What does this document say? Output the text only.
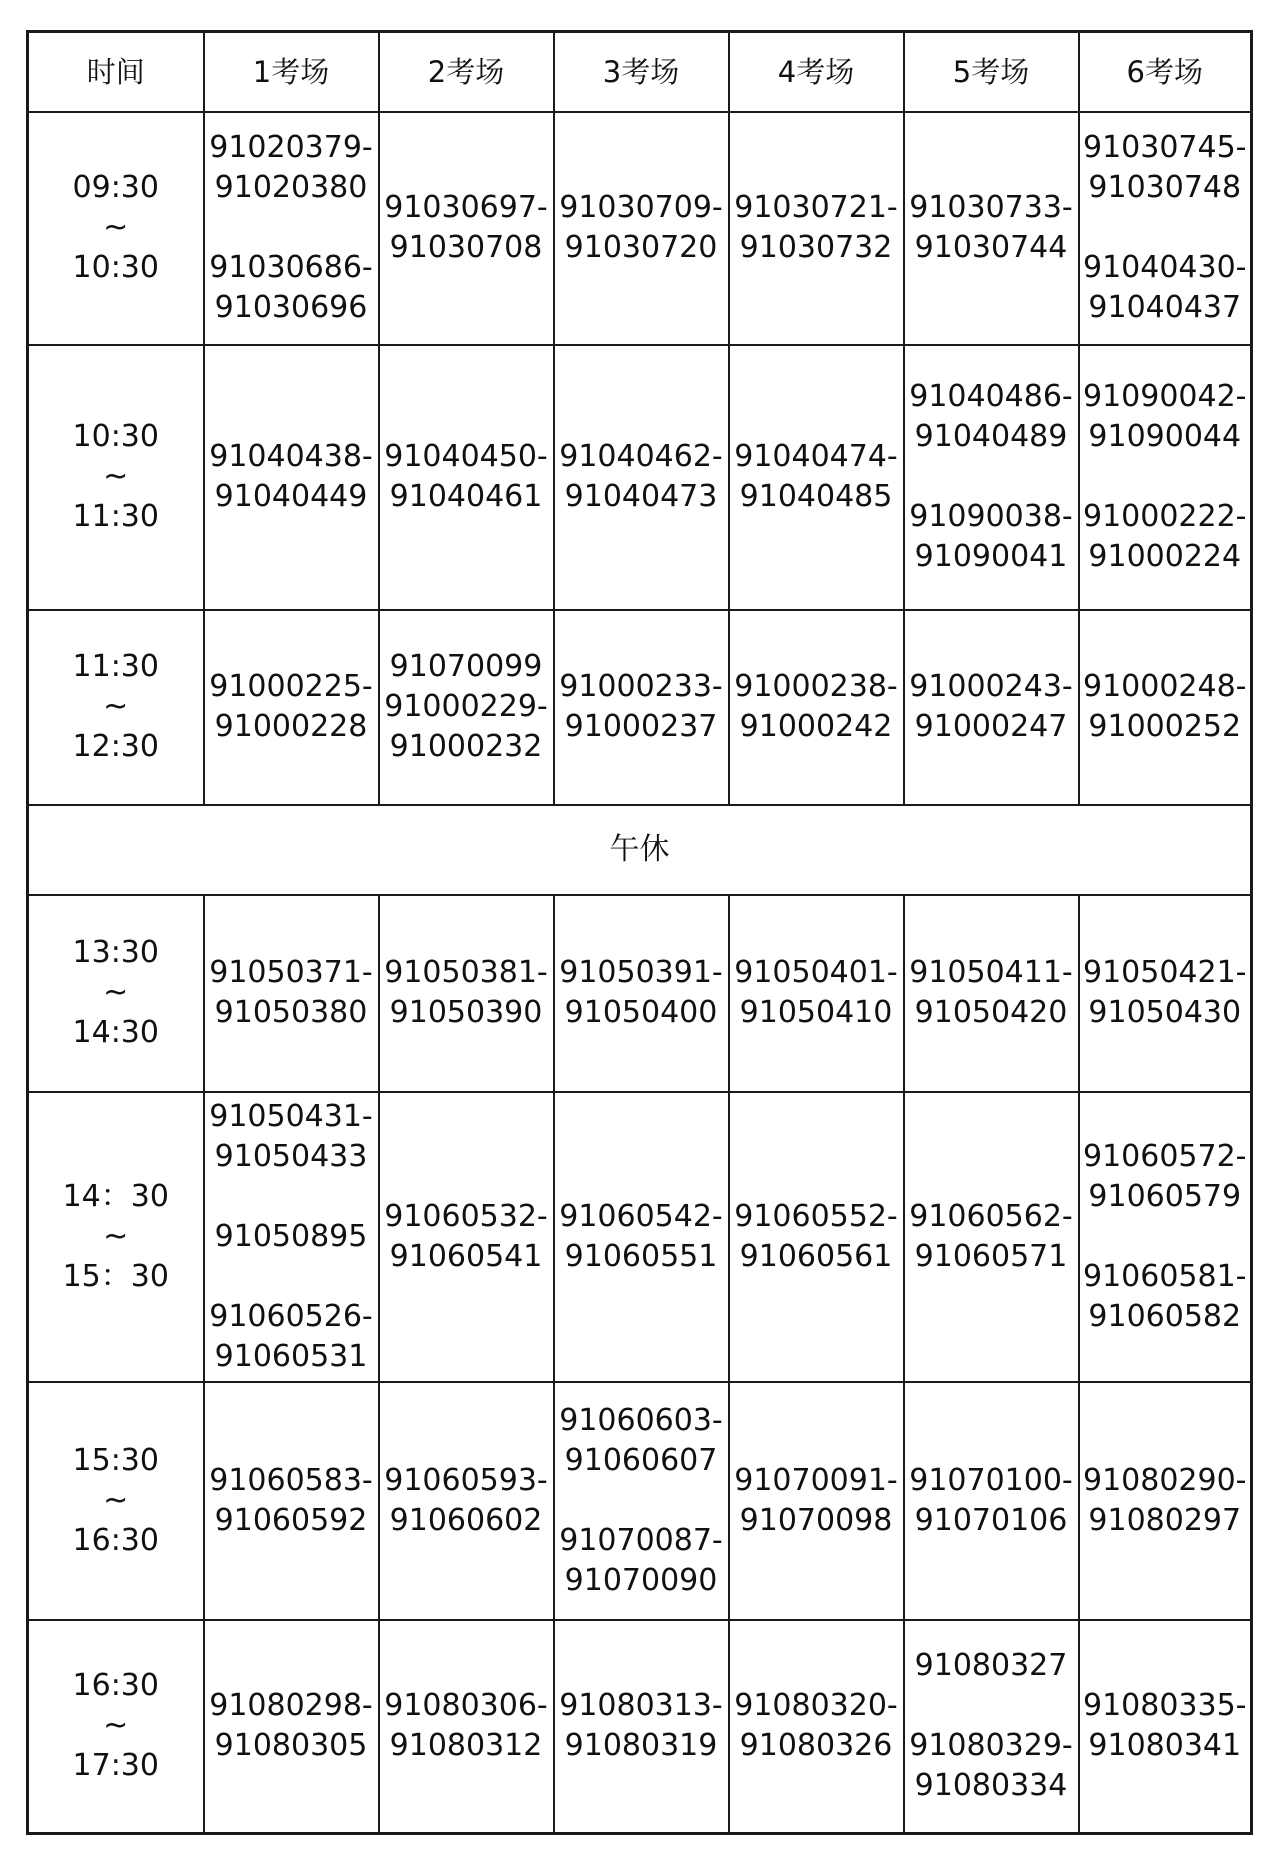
时间	1考场	2考场	3考场	4考场	5考场	6考场

09:30
~
10:30	91020379-
91020380
91030686-
91030696	91030697-
91030708	91030709-
91030720	91030721-
91030732	91030733-
91030744	91030745-
91030748
91040430-
91040437

10:30
~
11:30	91040438-
91040449	91040450-
91040461	91040462-
91040473	91040474-
91040485	91040486-
91040489
91090038-
91090041	91090042-
91090044
91000222-
91000224

11:30
~
12:30	91000225-
91000228	91070099
91000229-
91000232	91000233-
91000237	91000238-
91000242	91000243-
91000247	91000248-
91000252

午休						

13:30
~
14:30	91050371-
91050380	91050381-
91050390	91050391-
91050400	91050401-
91050410	91050411-
91050420	91050421-
91050430

14：30
~
15：30	91050431-
91050433
91050895
91060526-
91060531	91060532-
91060541	91060542-
91060551	91060552-
91060561	91060562-
91060571	91060572-
91060579
91060581-
91060582

15:30
~
16:30	91060583-
91060592	91060593-
91060602	91060603-
91060607
91070087-
91070090	91070091-
91070098	91070100-
91070106	91080290-
91080297

16:30
~
17:30	91080298-
91080305	91080306-
91080312	91080313-
91080319	91080320-
91080326	91080327
91080329-
91080334	91080335-
91080341
